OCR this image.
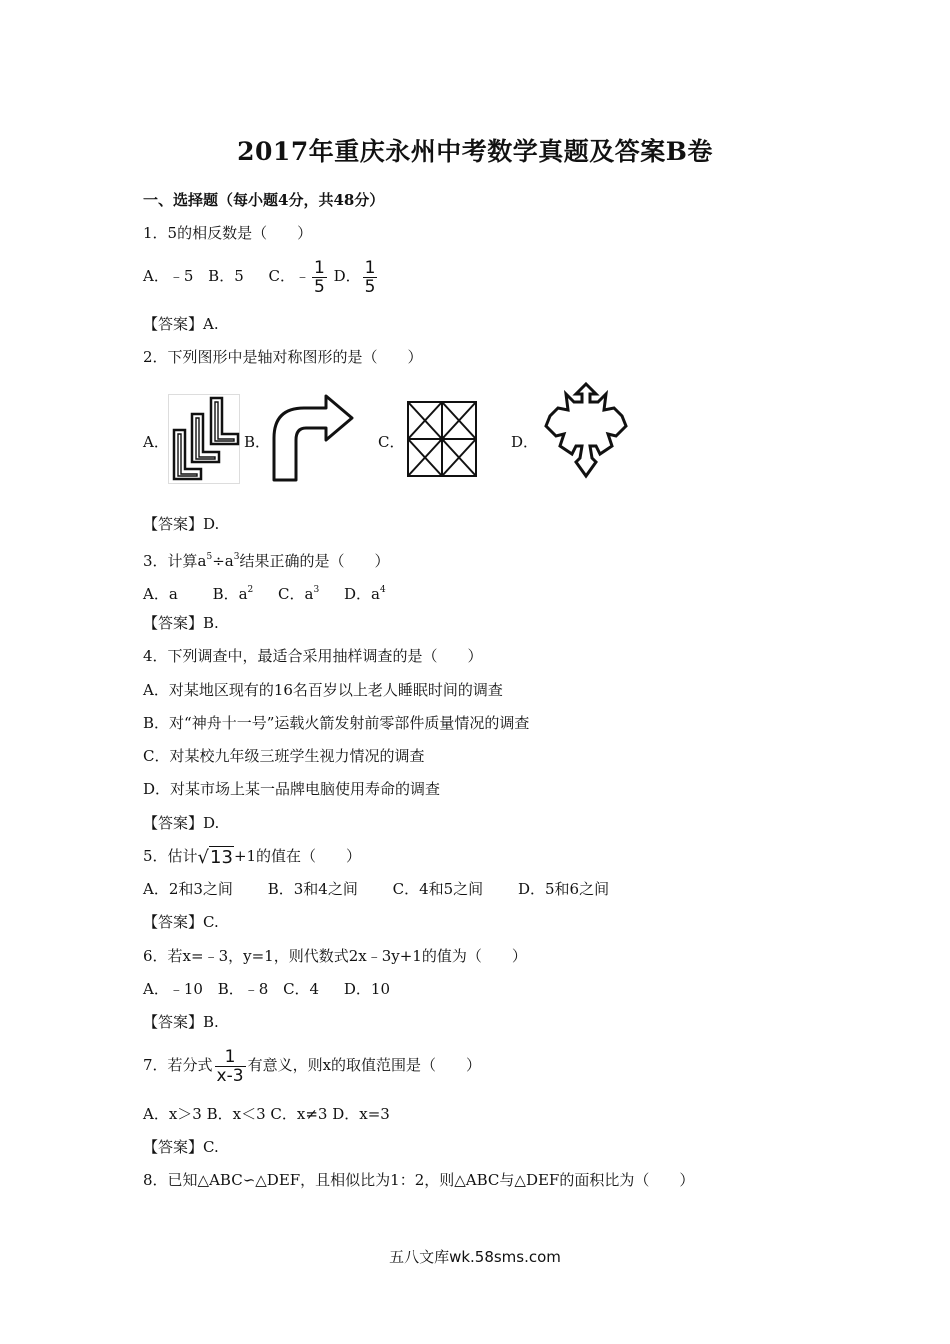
2017年重庆永州中考数学真题及答案B卷
一、选择题（每小题4分，共48分）
1．5的相反数是（　　）
A．﹣5 B．5 C．﹣ $\frac{1}{5}$ D． $\frac{1}{5}$
【答案】A.
2．下列图形中是轴对称图形的是（　　）
A．	B．	C．	D．
【答案】D.
3．计算$a^5\div a^3$结果正确的是（　　）
A．a B．$a^2$ C．$a^3$ D．$a^4$
【答案】B.
4．下列调查中，最适合采用抽样调查的是（　　）
A．对某地区现有的16名百岁以上老人睡眠时间的调查
B．对“神舟十一号”运载火箭发射前零部件质量情况的调查
C．对某校九年级三班学生视力情况的调查
D．对某市场上某一品牌电脑使用寿命的调查
【答案】D.
5．估计√13+1的值在（　　）
A．2和3之间 B．3和4之间 C．4和5之间 D．5和6之间
【答案】C.
6．若x=﹣3，y=1，则代数式2x﹣3y+1的值为（　　）
A．﹣10 B．﹣8 C．4 D．10
【答案】B.
7．若分式 $\frac{1}{x-3}$ 有意义，则x的取值范围是（　　）
A．x＞3 B．x＜3 C．x≠3 D．x=3
【答案】C.
8．已知△ABC∽△DEF，且相似比为1：2，则△ABC与△DEF的面积比为（　　）
五八文库wk.58sms.com
